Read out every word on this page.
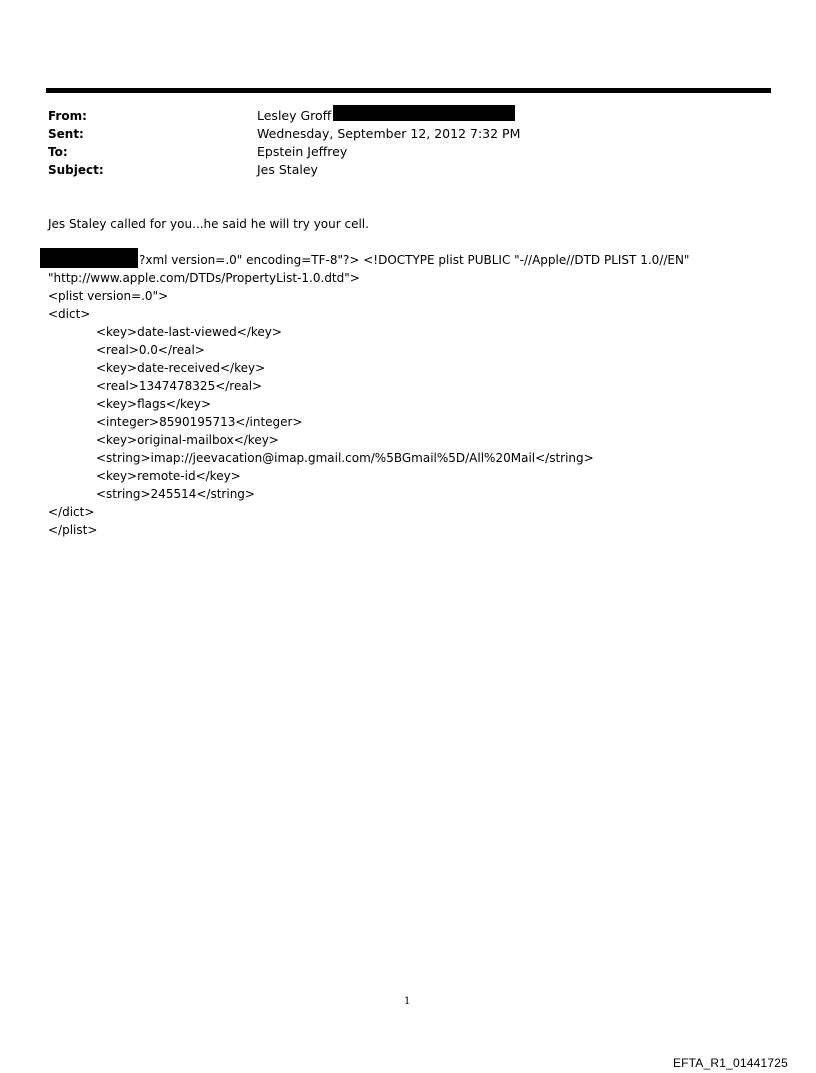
From:	Lesley Groff
Sent:	Wednesday, September 12, 2012 7:32 PM
To:	Epstein Jeffrey
Subject:	Jes Staley
Jes Staley called for you...he said he will try your cell.
?xml version=.0" encoding=TF-8"?> <!DOCTYPE plist PUBLIC "-//Apple//DTD PLIST 1.0//EN"
"http://www.apple.com/DTDs/PropertyList-1.0.dtd">
<plist version=.0">
<dict>
<key>date-last-viewed</key>
<real>0.0</real>
<key>date-received</key>
<real>1347478325</real>
<key>flags</key>
<integer>8590195713</integer>
<key>original-mailbox</key>
<string>imap://jeevacation@imap.gmail.com/%5BGmail%5D/All%20Mail</string>
<key>remote-id</key>
<string>245514</string>
</dict>
</plist>
1
EFTA_R1_01441725
